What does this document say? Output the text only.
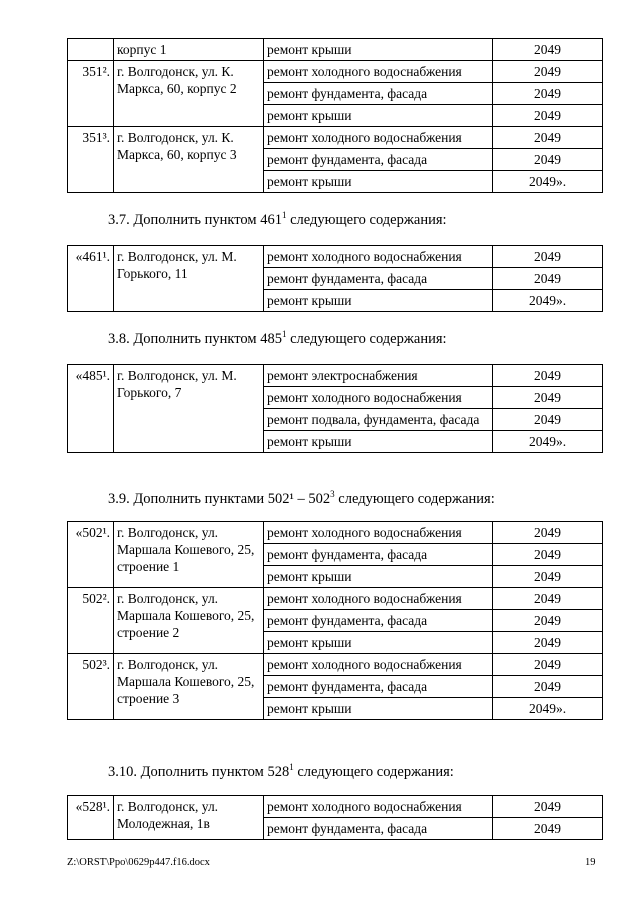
	корпус 1	ремонт крыши	2049
351².	г. Волгодонск, ул. К. Маркса, 60, корпус 2	ремонт холодного водоснабжения	2049
		ремонт фундамента, фасада	2049
		ремонт крыши	2049
351³.	г. Волгодонск, ул. К. Маркса, 60, корпус 3	ремонт холодного водоснабжения	2049
		ремонт фундамента, фасада	2049
		ремонт крыши	2049».
3.7. Дополнить пунктом $461^1$ следующего содержания:
«461¹.	г. Волгодонск, ул. М. Горького, 11	ремонт холодного водоснабжения	2049
		ремонт фундамента, фасада	2049
		ремонт крыши	2049».
3.8. Дополнить пунктом $485^1$ следующего содержания:
«485¹.	г. Волгодонск, ул. М. Горького, 7	ремонт электроснабжения	2049
		ремонт холодного водоснабжения	2049
		ремонт подвала, фундамента, фасада	2049
		ремонт крыши	2049».
3.9. Дополнить пунктами $502^1 - 502^3$ следующего содержания:
«502¹.	г. Волгодонск, ул. Маршала Кошевого, 25, строение 1	ремонт холодного водоснабжения	2049
		ремонт фундамента, фасада	2049
		ремонт крыши	2049
502².	г. Волгодонск, ул. Маршала Кошевого, 25, строение 2	ремонт холодного водоснабжения	2049
		ремонт фундамента, фасада	2049
		ремонт крыши	2049
502³.	г. Волгодонск, ул. Маршала Кошевого, 25, строение 3	ремонт холодного водоснабжения	2049
		ремонт фундамента, фасада	2049
		ремонт крыши	2049».
3.10. Дополнить пунктом $528^1$ следующего содержания:
«528¹.	г. Волгодонск, ул. Молодежная, 1в	ремонт холодного водоснабжения	2049
		ремонт фундамента, фасада	2049
Z:\ORST\Ppo\0629p447.f16.docx	19
